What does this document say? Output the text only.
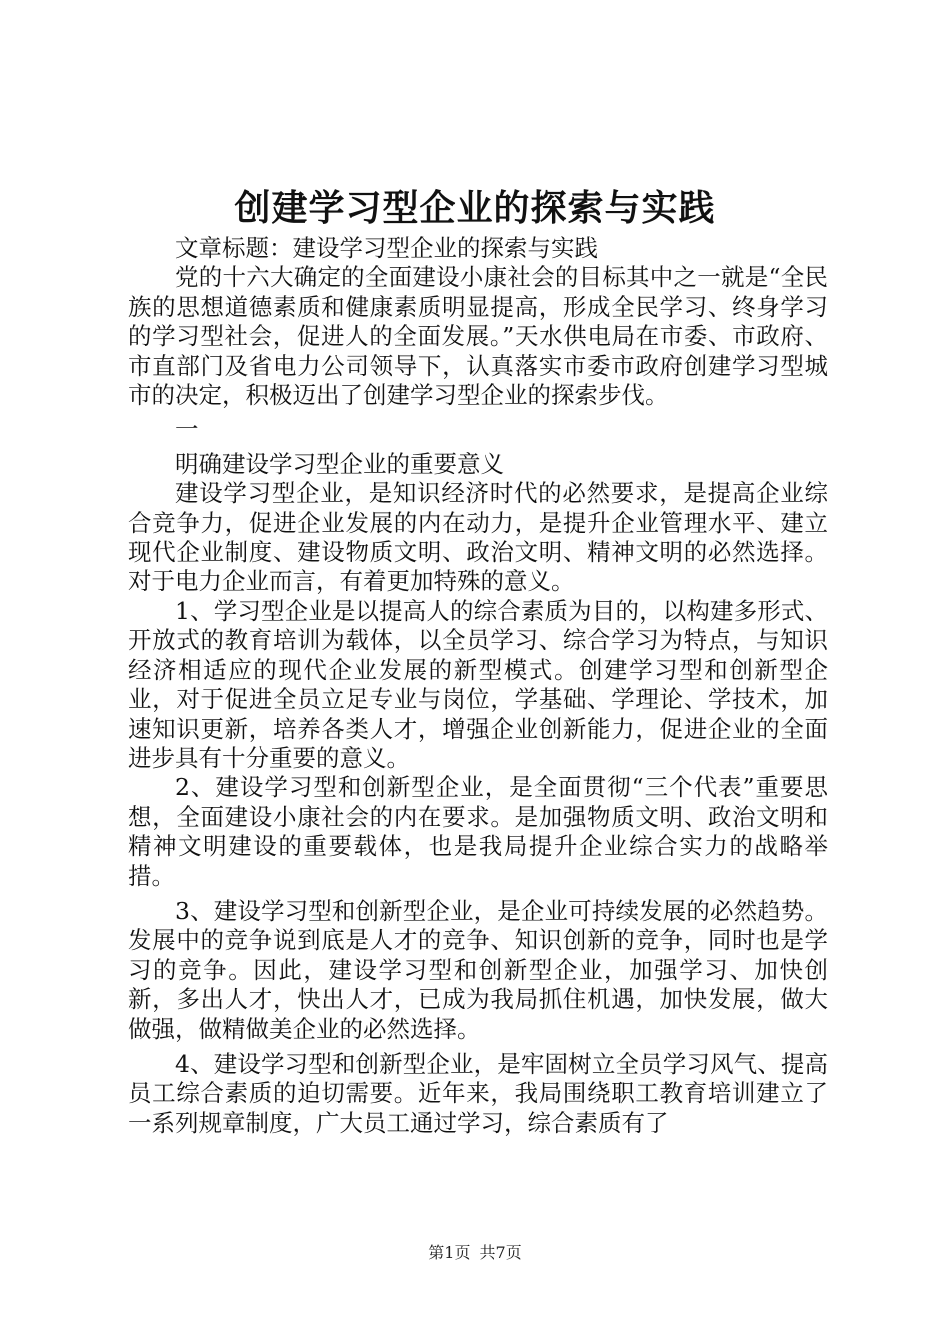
创建学习型企业的探索与实践

文章标题：建设学习型企业的探索与实践

党的十六大确定的全面建设小康社会的目标其中之一就是“全民族的思想道德素质和健康素质明显提高，形成全民学习、终身学习的学习型社会，促进人的全面发展。”天水供电局在市委、市政府、市直部门及省电力公司领导下，认真落实市委市政府创建学习型城市的决定，积极迈出了创建学习型企业的探索步伐。

一

明确建设学习型企业的重要意义

建设学习型企业，是知识经济时代的必然要求，是提高企业综合竞争力，促进企业发展的内在动力，是提升企业管理水平、建立现代企业制度、建设物质文明、政治文明、精神文明的必然选择。对于电力企业而言，有着更加特殊的意义。

1、学习型企业是以提高人的综合素质为目的，以构建多形式、开放式的教育培训为载体，以全员学习、综合学习为特点，与知识经济相适应的现代企业发展的新型模式。创建学习型和创新型企业，对于促进全员立足专业与岗位，学基础、学理论、学技术，加速知识更新，培养各类人才，增强企业创新能力，促进企业的全面进步具有十分重要的意义。

2、建设学习型和创新型企业，是全面贯彻“三个代表”重要思想，全面建设小康社会的内在要求。是加强物质文明、政治文明和精神文明建设的重要载体，也是我局提升企业综合实力的战略举措。

3、建设学习型和创新型企业，是企业可持续发展的必然趋势。发展中的竞争说到底是人才的竞争、知识创新的竞争，同时也是学习的竞争。因此，建设学习型和创新型企业，加强学习、加快创新，多出人才，快出人才，已成为我局抓住机遇，加快发展，做大做强，做精做美企业的必然选择。

4、建设学习型和创新型企业，是牢固树立全员学习风气、提高员工综合素质的迫切需要。近年来，我局围绕职工教育培训建立了一系列规章制度，广大员工通过学习，综合素质有了

第1页 共7页
